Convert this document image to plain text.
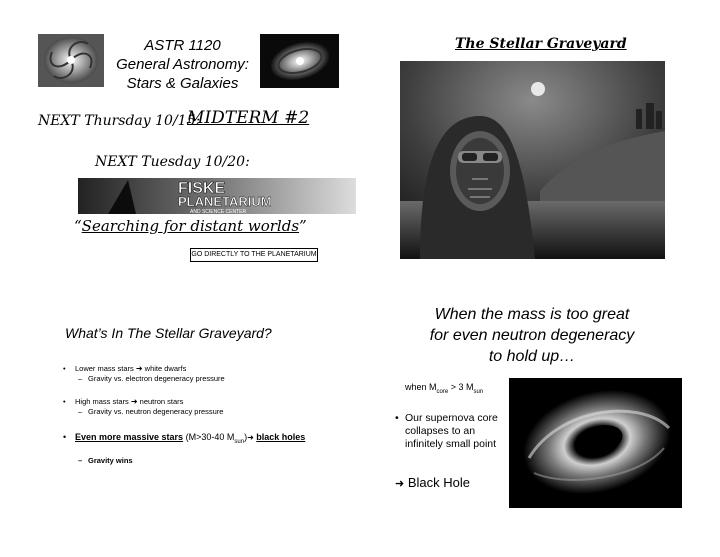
ASTR 1120
General Astronomy:
Stars & Galaxies
NEXT Thursday 10/15:
MIDTERM #2
NEXT Tuesday 10/20:
FISKE
PLANETARIUM
AND SCIENCE CENTER
“Searching for distant worlds”
GO DIRECTLY TO THE PLANETARIUM
The Stellar Graveyard
What’s In The Stellar Graveyard?
• Lower mass stars ➜ white dwarfs
– Gravity vs. electron degeneracy pressure
• High mass stars ➜ neutron stars
– Gravity vs. neutron degeneracy pressure
• Even more massive stars (M>30-40 $M_{sun})➜$ black holes
– Gravity wins
When the mass is too great
for even neutron degeneracy
to hold up…
when $M_{core} > 3$ $M_{sun}$
• Our supernova core collapses to an infinitely small point
➜ Black Hole
